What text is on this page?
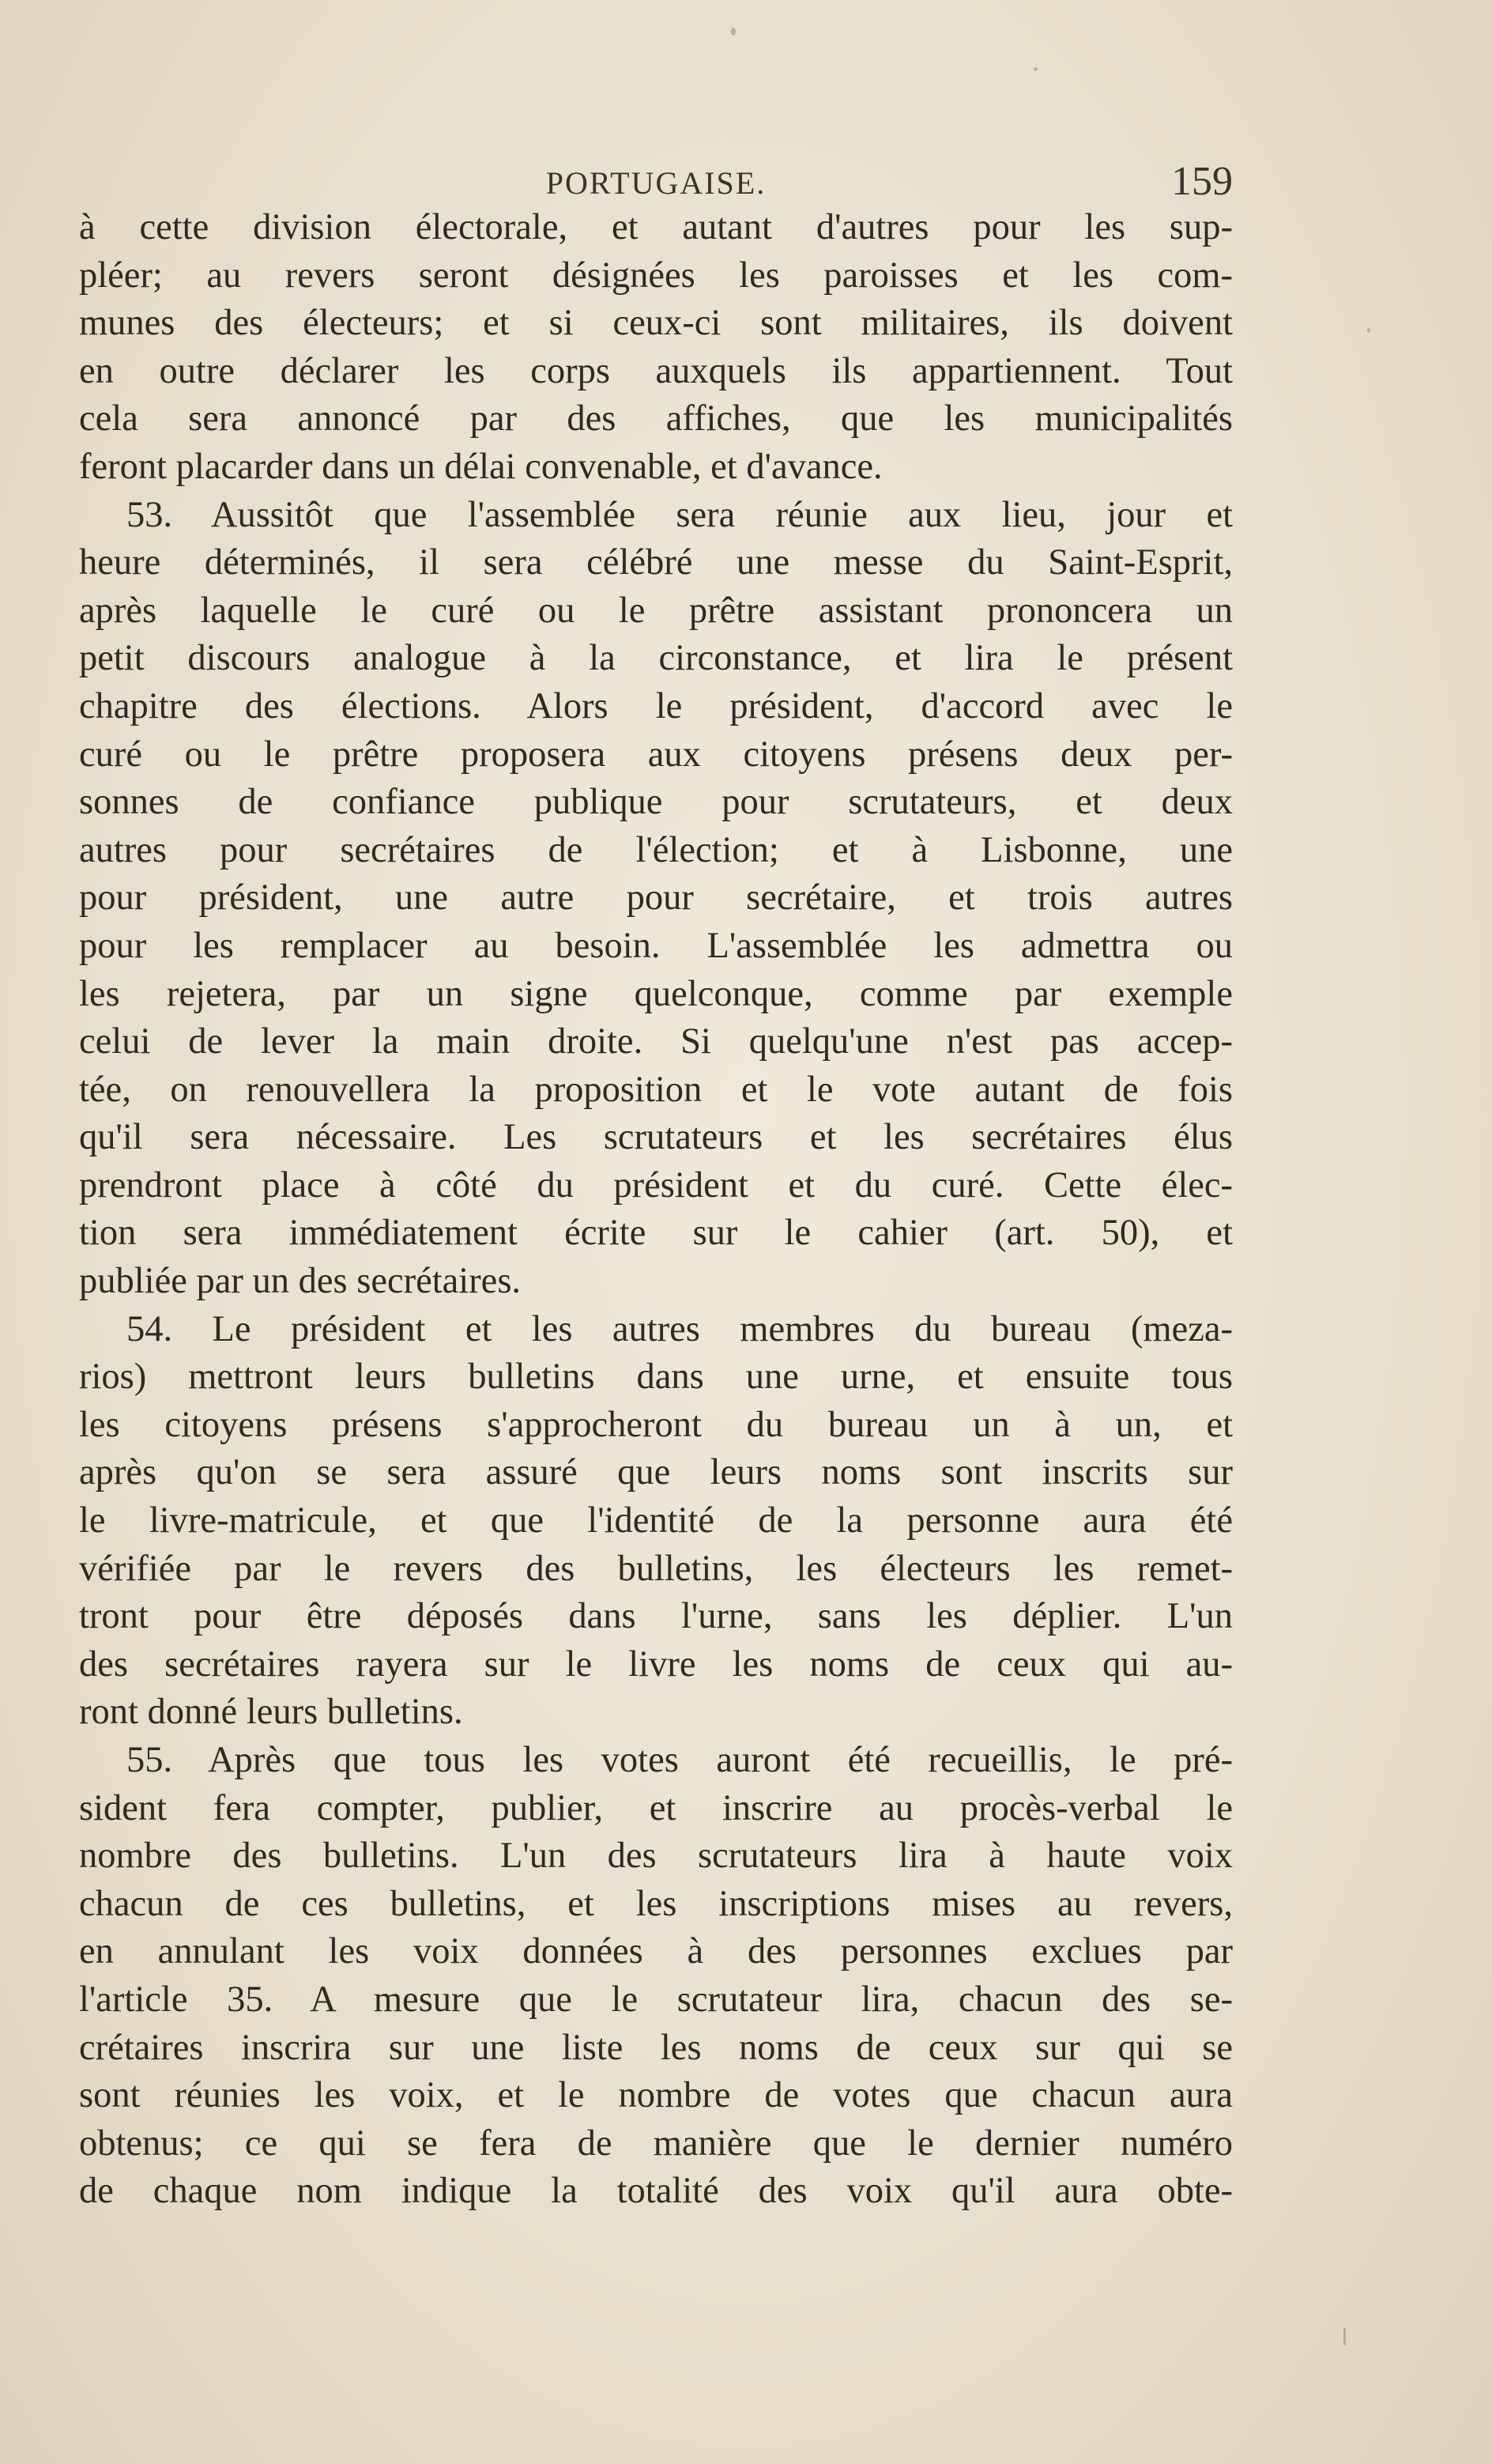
PORTUGAISE.	159
à cette division électorale, et autant d'autres pour les sup-
pléer; au revers seront désignées les paroisses et les com-
munes des électeurs; et si ceux-ci sont militaires, ils doivent
en outre déclarer les corps auxquels ils appartiennent. Tout
cela sera annoncé par des affiches, que les municipalités
feront placarder dans un délai convenable, et d'avance.
53. Aussitôt que l'assemblée sera réunie aux lieu, jour et
heure déterminés, il sera célébré une messe du Saint-Esprit,
après laquelle le curé ou le prêtre assistant prononcera un
petit discours analogue à la circonstance, et lira le présent
chapitre des élections. Alors le président, d'accord avec le
curé ou le prêtre proposera aux citoyens présens deux per-
sonnes de confiance publique pour scrutateurs, et deux
autres pour secrétaires de l'élection; et à Lisbonne, une
pour président, une autre pour secrétaire, et trois autres
pour les remplacer au besoin. L'assemblée les admettra ou
les rejetera, par un signe quelconque, comme par exemple
celui de lever la main droite. Si quelqu'une n'est pas accep-
tée, on renouvellera la proposition et le vote autant de fois
qu'il sera nécessaire. Les scrutateurs et les secrétaires élus
prendront place à côté du président et du curé. Cette élec-
tion sera immédiatement écrite sur le cahier (art. 50), et
publiée par un des secrétaires.
54. Le président et les autres membres du bureau (meza-
rios) mettront leurs bulletins dans une urne, et ensuite tous
les citoyens présens s'approcheront du bureau un à un, et
après qu'on se sera assuré que leurs noms sont inscrits sur
le livre-matricule, et que l'identité de la personne aura été
vérifiée par le revers des bulletins, les électeurs les remet-
tront pour être déposés dans l'urne, sans les déplier. L'un
des secrétaires rayera sur le livre les noms de ceux qui au-
ront donné leurs bulletins.
55. Après que tous les votes auront été recueillis, le pré-
sident fera compter, publier, et inscrire au procès-verbal le
nombre des bulletins. L'un des scrutateurs lira à haute voix
chacun de ces bulletins, et les inscriptions mises au revers,
en annulant les voix données à des personnes exclues par
l'article 35. A mesure que le scrutateur lira, chacun des se-
crétaires inscrira sur une liste les noms de ceux sur qui se
sont réunies les voix, et le nombre de votes que chacun aura
obtenus; ce qui se fera de manière que le dernier numéro
de chaque nom indique la totalité des voix qu'il aura obte-
